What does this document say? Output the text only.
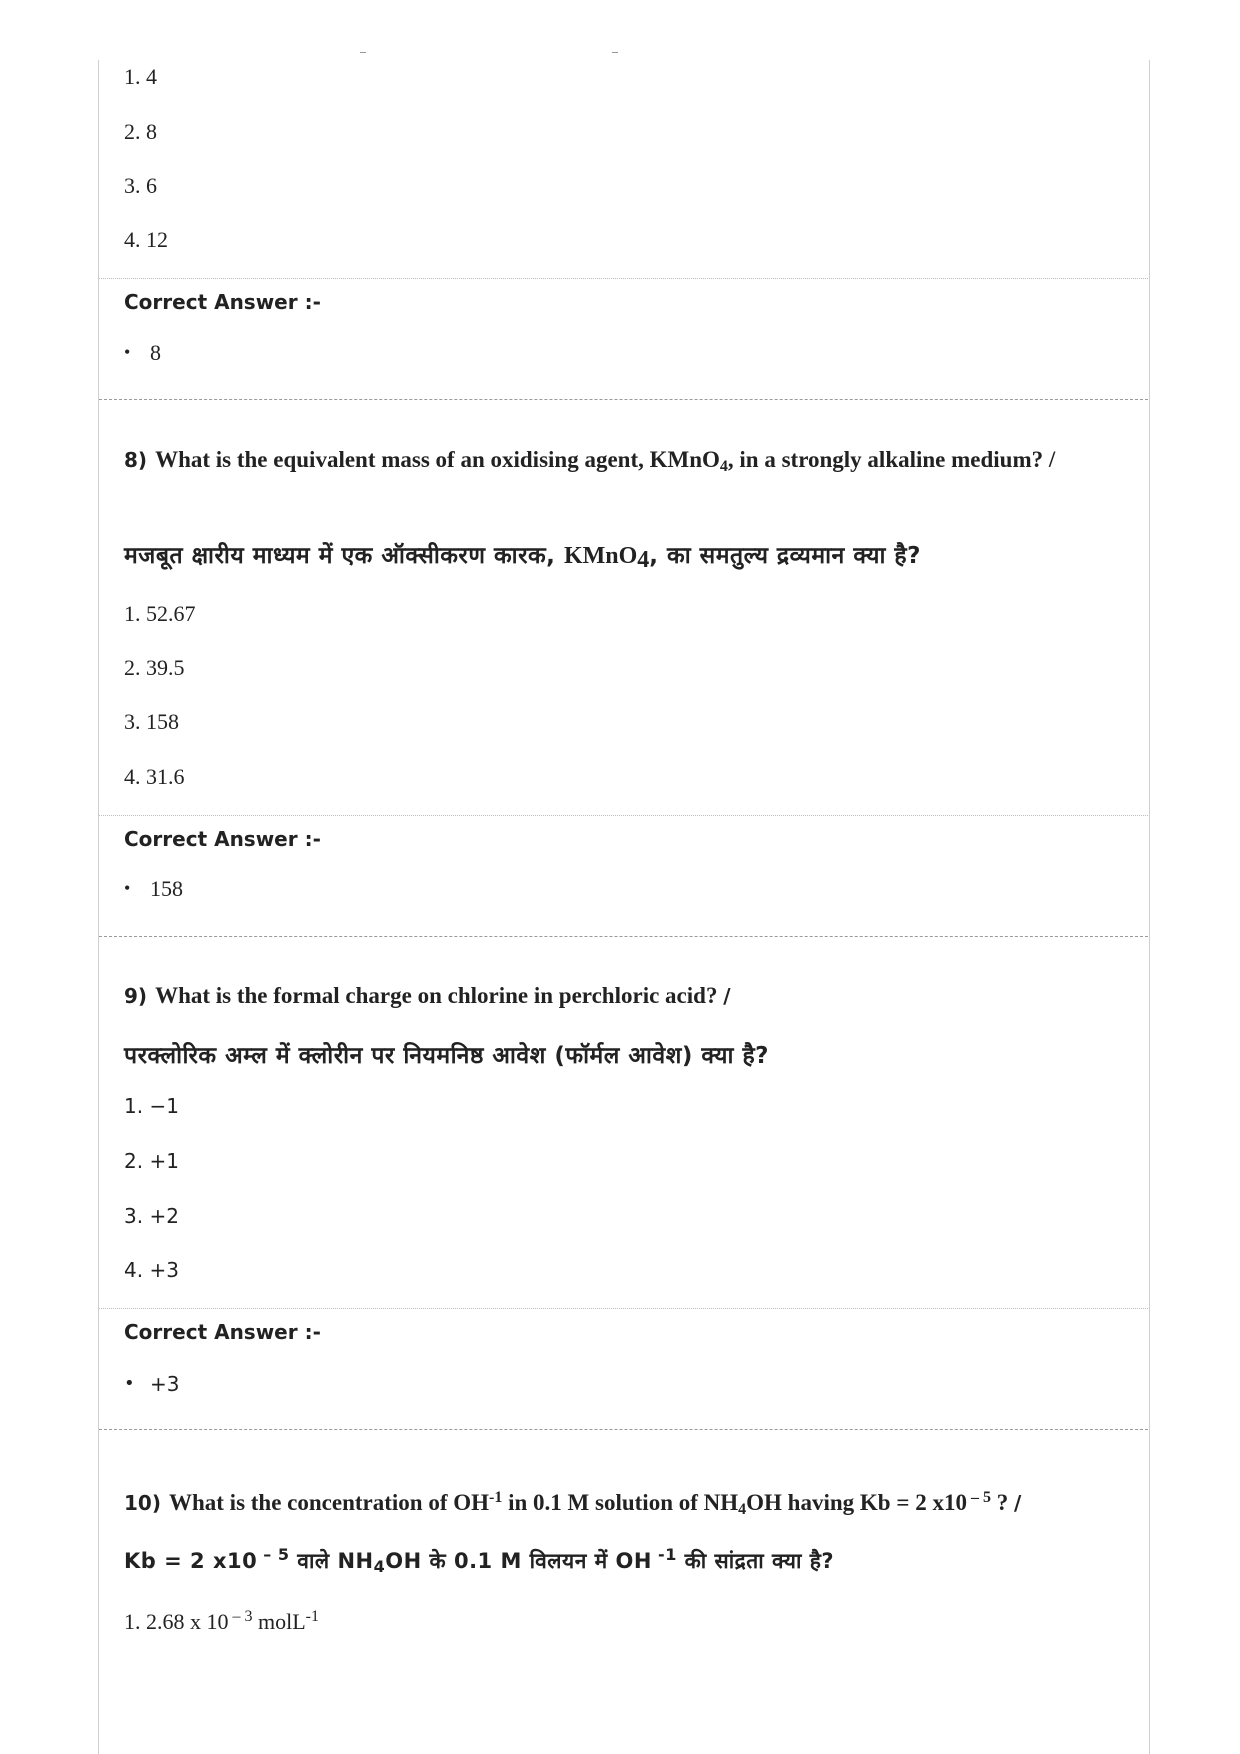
1. 4
2. 8
3. 6
4. 12
Correct Answer :-
• 8
8) What is the equivalent mass of an oxidising agent, KMnO$_4$, in a strongly alkaline medium? /
मजबूत क्षारीय माध्यम में एक ऑक्सीकरण कारक, KMnO$_4$, का समतुल्य द्रव्यमान क्या है?
1. 52.67
2. 39.5
3. 158
4. 31.6
Correct Answer :-
• 158
9) What is the formal charge on chlorine in perchloric acid? /
परक्लोरिक अम्ल में क्लोरीन पर नियमनिष्ठ आवेश (फॉर्मल आवेश) क्या है?
1. −1
2. +1
3. +2
4. +3
Correct Answer :-
• +3
10) What is the concentration of $OH^{-1}$ in 0.1 M solution of $NH_4OH$ having Kb = 2 x10 $^{- 5}$ ? /
Kb = 2 x10 $^{- 5}$ वाले $NH_4OH$ के 0.1 M विलयन में OH $^{-1}$ की सांद्रता क्या है?
1. 2.68 x 10 $^{- 3}$ molL$^{-1}$
